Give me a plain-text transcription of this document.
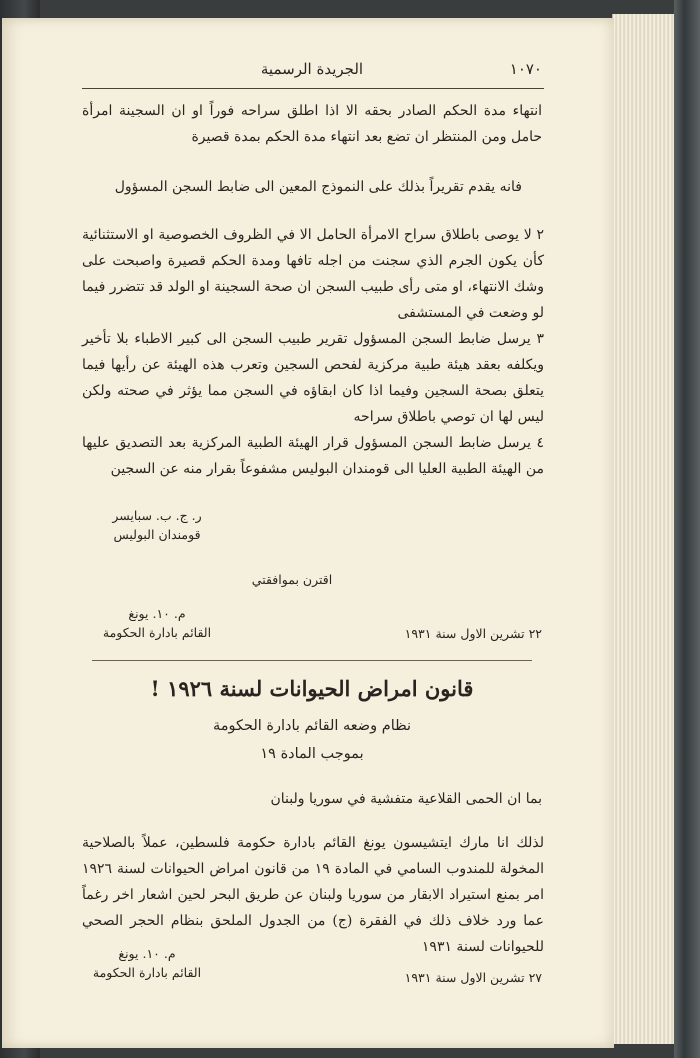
١٠٧٠
الجريدة الرسمية

انتهاء مدة الحكم الصادر بحقه الا اذا اطلق سراحه فوراً او ان السجينة امرأة حامل ومن المنتظر ان تضع بعد انتهاء مدة الحكم بمدة قصيرة

فانه يقدم تقريراً بذلك على النموذج المعين الى ضابط السجن المسؤول

٢ لا يوصى باطلاق سراح الامرأة الحامل الا في الظروف الخصوصية او الاستثنائية كأن يكون الجرم الذي سجنت من اجله تافها ومدة الحكم قصيرة واصبحت على وشك الانتهاء، او متى رأى طبيب السجن ان صحة السجينة او الولد قد تتضرر فيما لو وضعت في المستشفى

٣ يرسل ضابط السجن المسؤول تقرير طبيب السجن الى كبير الاطباء بلا تأخير ويكلفه بعقد هيئة طبية مركزية لفحص السجين وتعرب هذه الهيئة عن رأيها فيما يتعلق بصحة السجين وفيما اذا كان ابقاؤه في السجن مما يؤثر في صحته ولكن ليس لها ان توصي باطلاق سراحه

٤ يرسل ضابط السجن المسؤول قرار الهيئة الطبية المركزية بعد التصديق عليها من الهيئة الطبية العليا الى قومندان البوليس مشفوعاً بقرار منه عن السجين

ر. ج. ب. سبايسر
قومندان البوليس
اقترن بموافقتي
م. ١٠. يونغ
القائم بادارة الحكومة	٢٢ تشرين الاول سنة ١٩٣١
قانون امراض الحيوانات لسنة ١٩٢٦ !
نظام وضعه القائم بادارة الحكومة
بموجب المادة ١٩
بما ان الحمى القلاعية متفشية في سوريا ولبنان

لذلك انا مارك ايتشيسون يونغ القائم بادارة حكومة فلسطين، عملاً بالصلاحية المخولة للمندوب السامي في المادة ١٩ من قانون امراض الحيوانات لسنة ١٩٢٦ امر بمنع استيراد الابقار من سوريا ولبنان عن طريق البحر لحين اشعار اخر رغماً عما ورد خلاف ذلك في الفقرة (ج) من الجدول الملحق بنظام الحجر الصحي للحيوانات لسنة ١٩٣١

م. ١٠. يونغ
القائم بادارة الحكومة	٢٧ تشرين الاول سنة ١٩٣١
